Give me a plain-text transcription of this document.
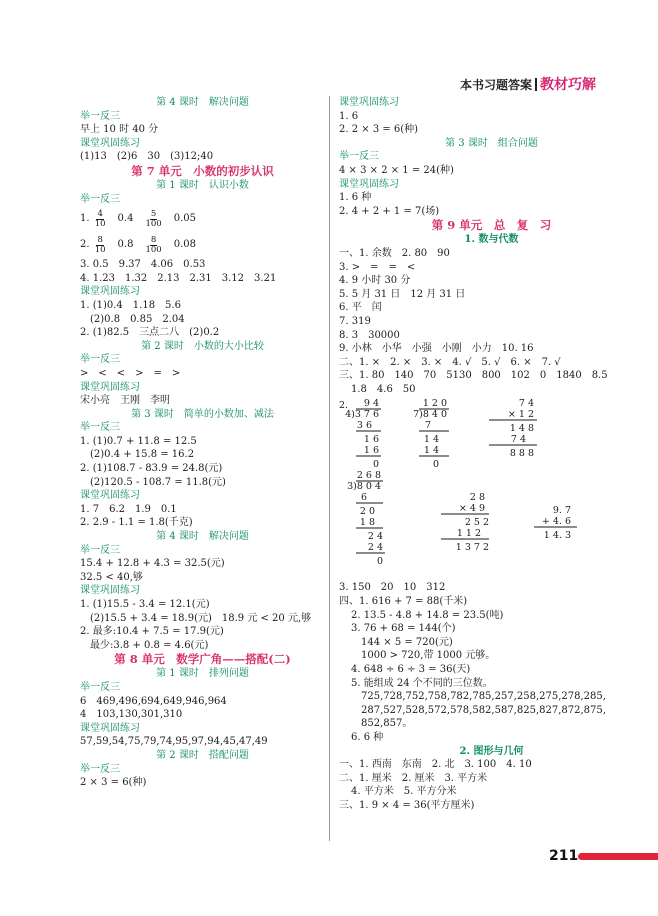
本书习题答案 教材巧解
第 4 课时　解决问题
举一反三
早上 10 时 40 分
课堂巩固练习
(1)13　(2)6　30　(3)12;40
第 7 单元　小数的初步认识
第 1 课时　认识小数
举一反三
1. $\frac{4}{10}$ 　0.4　 $\frac{5}{100}$ 　0.05
2. $\frac{8}{10}$ 　0.8　 $\frac{8}{100}$ 　0.08
3. 0.5　9.37　4.06　0.53
4. 1.23　1.32　2.13　2.31　3.12　3.21
课堂巩固练习
1. (1)0.4　1.18　5.6
　(2)0.8　0.85　2.04
2. (1)82.5　三点二八　(2)0.2
第 2 课时　小数的大小比较
举一反三
>　<　<　>　=　>
课堂巩固练习
宋小亮　王刚　李明
第 3 课时　简单的小数加、减法
举一反三
1. (1)0.7 + 11.8 = 12.5
　(2)0.4 + 15.8 = 16.2
2. (1)108.7 - 83.9 = 24.8(元)
　(2)120.5 - 108.7 = 11.8(元)
课堂巩固练习
1. 7　6.2　1.9　0.1
2. 2.9 - 1.1 = 1.8(千克)
第 4 课时　解决问题
举一反三
15.4 + 12.8 + 4.3 = 32.5(元)
32.5 < 40,够
课堂巩固练习
1. (1)15.5 - 3.4 = 12.1(元)
　(2)15.5 + 3.4 = 18.9(元)　18.9 元 < 20 元,够
2. 最多:10.4 + 7.5 = 17.9(元)
　最少:3.8 + 0.8 = 4.6(元)
第 8 单元　数学广角——搭配(二)
第 1 课时　排列问题
举一反三
6　469,496,694,649,946,964
4　103,130,301,310
课堂巩固练习
57,59,54,75,79,74,95,97,94,45,47,49
第 2 课时　搭配问题
举一反三
2 × 3 = 6(种)
课堂巩固练习
1. 6
2. 2 × 3 = 6(种)
第 3 课时　组合问题
举一反三
4 × 3 × 2 × 1 = 24(种)
课堂巩固练习
1. 6 种
2. 4 + 2 + 1 = 7(场)
第 9 单元　总　复　习
1. 数与代数
一、1. 余数　2. 80　90
3. >　=　=　<
4. 9 小时 30 分
5. 5 月 31 日　12 月 31 日
6. 平　闰
7. 319
8. 3　30000
9. 小林　小华　小强　小刚　小力　10. 16
二、1. ×　2. ×　3. ×　4. √　5. √　6. ×　7. √
三、1. 80　140　70　5130　800　102　0　1840　8.5
1.8　4.6　50
2. 9 4
4)3 7 6
3 6
1 6
1 6
0
1 2 0
7)8 4 0
7
1 4
1 4
0
7 4
× 1 2
1 4 8
7 4
8 8 8
2 6 8
3)8 0 4
6
2 0
1 8
2 4
2 4
0
2 8
× 4 9
2 5 2
1 1 2
1 3 7 2
9. 7
+ 4. 6
1 4. 3
3. 150　20　10　312
四、1. 616 + 7 = 88(千米)
2. 13.5 - 4.8 + 14.8 = 23.5(吨)
3. 76 + 68 = 144(个)
144 × 5 = 720(元)
1000 > 720,带 1000 元够。
4. 648 ÷ 6 ÷ 3 = 36(天)
5. 能组成 24 个不同的三位数。
725,728,752,758,782,785,257,258,275,278,285,
287,527,528,572,578,582,587,825,827,872,875,
852,857。
6. 6 种
2. 图形与几何
一、1. 西南　东南　2. 北　3. 100　4. 10
二、1. 厘米　2. 厘米　3. 平方米
4. 平方米　5. 平方分米
三、1. 9 × 4 = 36(平方厘米)
211
